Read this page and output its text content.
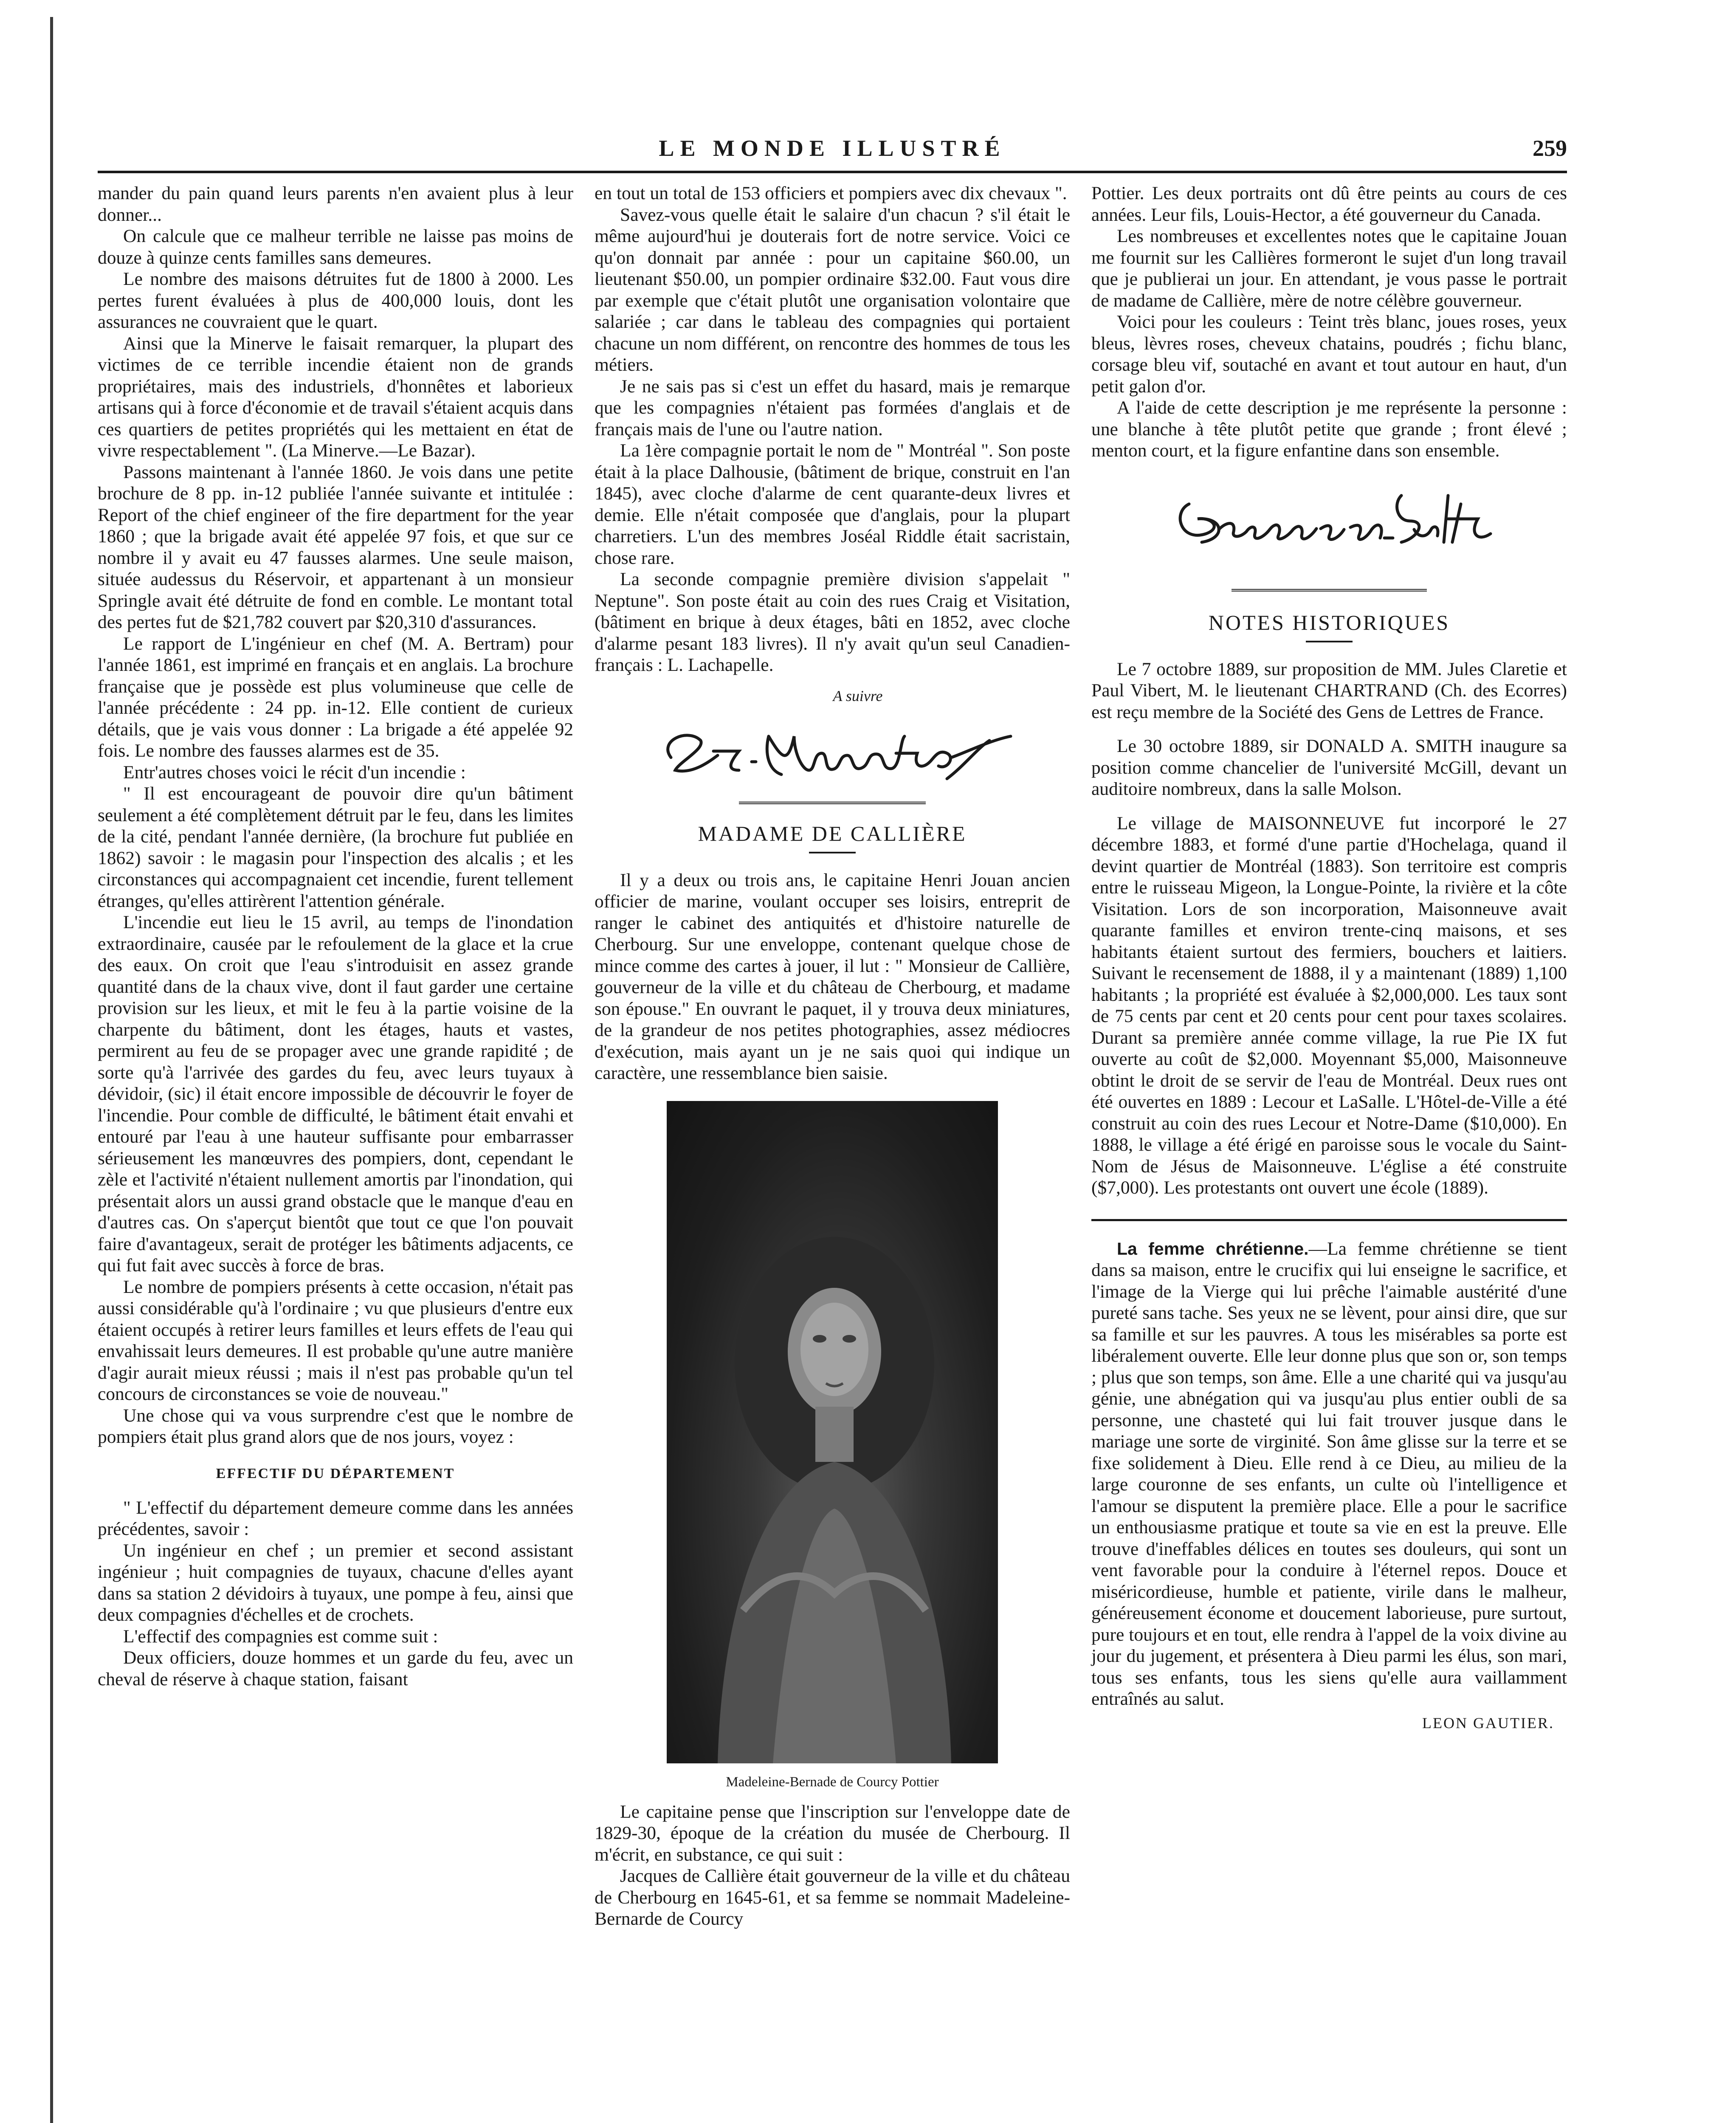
LE MONDE ILLUSTRÉ	259

mander du pain quand leurs parents n'en avaient plus à leur donner...

On calcule que ce malheur terrible ne laisse pas moins de douze à quinze cents familles sans demeures.

Le nombre des maisons détruites fut de 1800 à 2000. Les pertes furent évaluées à plus de 400,000 louis, dont les assurances ne couvraient que le quart.

Ainsi que la Minerve le faisait remarquer, la plupart des victimes de ce terrible incendie étaient non de grands propriétaires, mais des industriels, d'honnêtes et laborieux artisans qui à force d'économie et de travail s'étaient acquis dans ces quartiers de petites propriétés qui les mettaient en état de vivre respectablement ". (La Minerve.—Le Bazar).

Passons maintenant à l'année 1860. Je vois dans une petite brochure de 8 pp. in-12 publiée l'année suivante et intitulée : Report of the chief engineer of the fire department for the year 1860 ; que la brigade avait été appelée 97 fois, et que sur ce nombre il y avait eu 47 fausses alarmes. Une seule maison, située audessus du Réservoir, et appartenant à un monsieur Springle avait été détruite de fond en comble. Le montant total des pertes fut de $21,782 couvert par $20,310 d'assurances.

Le rapport de L'ingénieur en chef (M. A. Bertram) pour l'année 1861, est imprimé en français et en anglais. La brochure française que je possède est plus volumineuse que celle de l'année précédente : 24 pp. in-12. Elle contient de curieux détails, que je vais vous donner : La brigade a été appelée 92 fois. Le nombre des fausses alarmes est de 35.

Entr'autres choses voici le récit d'un incendie :

" Il est encourageant de pouvoir dire qu'un bâtiment seulement a été complètement détruit par le feu, dans les limites de la cité, pendant l'année dernière, (la brochure fut publiée en 1862) savoir : le magasin pour l'inspection des alcalis ; et les circonstances qui accompagnaient cet incendie, furent tellement étranges, qu'elles attirèrent l'attention générale.

L'incendie eut lieu le 15 avril, au temps de l'inondation extraordinaire, causée par le refoulement de la glace et la crue des eaux. On croit que l'eau s'introduisit en assez grande quantité dans de la chaux vive, dont il faut garder une certaine provision sur les lieux, et mit le feu à la partie voisine de la charpente du bâtiment, dont les étages, hauts et vastes, permirent au feu de se propager avec une grande rapidité ; de sorte qu'à l'arrivée des gardes du feu, avec leurs tuyaux à dévidoir, (sic) il était encore impossible de découvrir le foyer de l'incendie. Pour comble de difficulté, le bâtiment était envahi et entouré par l'eau à une hauteur suffisante pour embarrasser sérieusement les manœuvres des pompiers, dont, cependant le zèle et l'activité n'étaient nullement amortis par l'inondation, qui présentait alors un aussi grand obstacle que le manque d'eau en d'autres cas. On s'aperçut bientôt que tout ce que l'on pouvait faire d'avantageux, serait de protéger les bâtiments adjacents, ce qui fut fait avec succès à force de bras.

Le nombre de pompiers présents à cette occasion, n'était pas aussi considérable qu'à l'ordinaire ; vu que plusieurs d'entre eux étaient occupés à retirer leurs familles et leurs effets de l'eau qui envahissait leurs demeures. Il est probable qu'une autre manière d'agir aurait mieux réussi ; mais il n'est pas probable qu'un tel concours de circonstances se voie de nouveau."

Une chose qui va vous surprendre c'est que le nombre de pompiers était plus grand alors que de nos jours, voyez :

EFFECTIF DU DÉPARTEMENT

" L'effectif du département demeure comme dans les années précédentes, savoir :

Un ingénieur en chef ; un premier et second assistant ingénieur ; huit compagnies de tuyaux, chacune d'elles ayant dans sa station 2 dévidoirs à tuyaux, une pompe à feu, ainsi que deux compagnies d'échelles et de crochets.

L'effectif des compagnies est comme suit :

Deux officiers, douze hommes et un garde du feu, avec un cheval de réserve à chaque station, faisant

en tout un total de 153 officiers et pompiers avec dix chevaux ".

Savez-vous quelle était le salaire d'un chacun ? s'il était le même aujourd'hui je douterais fort de notre service. Voici ce qu'on donnait par année : pour un capitaine $60.00, un lieutenant $50.00, un pompier ordinaire $32.00. Faut vous dire par exemple que c'était plutôt une organisation volontaire que salariée ; car dans le tableau des compagnies qui portaient chacune un nom différent, on rencontre des hommes de tous les métiers.

Je ne sais pas si c'est un effet du hasard, mais je remarque que les compagnies n'étaient pas formées d'anglais et de français mais de l'une ou l'autre nation.

La 1ère compagnie portait le nom de " Montréal ". Son poste était à la place Dalhousie, (bâtiment de brique, construit en l'an 1845), avec cloche d'alarme de cent quarante-deux livres et demie. Elle n'était composée que d'anglais, pour la plupart charretiers. L'un des membres Joséal Riddle était sacristain, chose rare.

La seconde compagnie première division s'appelait " Neptune". Son poste était au coin des rues Craig et Visitation, (bâtiment en brique à deux étages, bâti en 1852, avec cloche d'alarme pesant 183 livres). Il n'y avait qu'un seul Canadien-français : L. Lachapelle.

A suivre
MADAME DE CALLIÈRE

Il y a deux ou trois ans, le capitaine Henri Jouan ancien officier de marine, voulant occuper ses loisirs, entreprit de ranger le cabinet des antiquités et d'histoire naturelle de Cherbourg. Sur une enveloppe, contenant quelque chose de mince comme des cartes à jouer, il lut : " Monsieur de Callière, gouverneur de la ville et du château de Cherbourg, et madame son épouse." En ouvrant le paquet, il y trouva deux miniatures, de la grandeur de nos petites photographies, assez médiocres d'exécution, mais ayant un je ne sais quoi qui indique un caractère, une ressemblance bien saisie.

Madeleine-Bernade de Courcy Pottier

Le capitaine pense que l'inscription sur l'enveloppe date de 1829-30, époque de la création du musée de Cherbourg. Il m'écrit, en substance, ce qui suit :

Jacques de Callière était gouverneur de la ville et du château de Cherbourg en 1645-61, et sa femme se nommait Madeleine-Bernarde de Courcy

Pottier. Les deux portraits ont dû être peints au cours de ces années. Leur fils, Louis-Hector, a été gouverneur du Canada.

Les nombreuses et excellentes notes que le capitaine Jouan me fournit sur les Callières formeront le sujet d'un long travail que je publierai un jour. En attendant, je vous passe le portrait de madame de Callière, mère de notre célèbre gouverneur.

Voici pour les couleurs : Teint très blanc, joues roses, yeux bleus, lèvres roses, cheveux chatains, poudrés ; fichu blanc, corsage bleu vif, soutaché en avant et tout autour en haut, d'un petit galon d'or.

A l'aide de cette description je me représente la personne : une blanche à tête plutôt petite que grande ; front élevé ; menton court, et la figure enfantine dans son ensemble.

NOTES HISTORIQUES

Le 7 octobre 1889, sur proposition de MM. Jules Claretie et Paul Vibert, M. le lieutenant CHARTRAND (Ch. des Ecorres) est reçu membre de la Société des Gens de Lettres de France.

Le 30 octobre 1889, sir DONALD A. SMITH inaugure sa position comme chancelier de l'université McGill, devant un auditoire nombreux, dans la salle Molson.

Le village de MAISONNEUVE fut incorporé le 27 décembre 1883, et formé d'une partie d'Hochelaga, quand il devint quartier de Montréal (1883). Son territoire est compris entre le ruisseau Migeon, la Longue-Pointe, la rivière et la côte Visitation. Lors de son incorporation, Maisonneuve avait quarante familles et environ trente-cinq maisons, et ses habitants étaient surtout des fermiers, bouchers et laitiers. Suivant le recensement de 1888, il y a maintenant (1889) 1,100 habitants ; la propriété est évaluée à $2,000,000. Les taux sont de 75 cents par cent et 20 cents pour cent pour taxes scolaires. Durant sa première année comme village, la rue Pie IX fut ouverte au coût de $2,000. Moyennant $5,000, Maisonneuve obtint le droit de se servir de l'eau de Montréal. Deux rues ont été ouvertes en 1889 : Lecour et LaSalle. L'Hôtel-de-Ville a été construit au coin des rues Lecour et Notre-Dame ($10,000). En 1888, le village a été érigé en paroisse sous le vocale du Saint-Nom de Jésus de Maisonneuve. L'église a été construite ($7,000). Les protestants ont ouvert une école (1889).

La femme chrétienne.—La femme chrétienne se tient dans sa maison, entre le crucifix qui lui enseigne le sacrifice, et l'image de la Vierge qui lui prêche l'aimable austérité d'une pureté sans tache. Ses yeux ne se lèvent, pour ainsi dire, que sur sa famille et sur les pauvres. A tous les misérables sa porte est libéralement ouverte. Elle leur donne plus que son or, son temps ; plus que son temps, son âme. Elle a une charité qui va jusqu'au génie, une abnégation qui va jusqu'au plus entier oubli de sa personne, une chasteté qui lui fait trouver jusque dans le mariage une sorte de virginité. Son âme glisse sur la terre et se fixe solidement à Dieu. Elle rend à ce Dieu, au milieu de la large couronne de ses enfants, un culte où l'intelligence et l'amour se disputent la première place. Elle a pour le sacrifice un enthousiasme pratique et toute sa vie en est la preuve. Elle trouve d'ineffables délices en toutes ses douleurs, qui sont un vent favorable pour la conduire à l'éternel repos. Douce et miséricordieuse, humble et patiente, virile dans le malheur, généreusement économe et doucement laborieuse, pure surtout, pure toujours et en tout, elle rendra à l'appel de la voix divine au jour du jugement, et présentera à Dieu parmi les élus, son mari, tous ses enfants, tous les siens qu'elle aura vaillamment entraînés au salut.

LEON GAUTIER.
